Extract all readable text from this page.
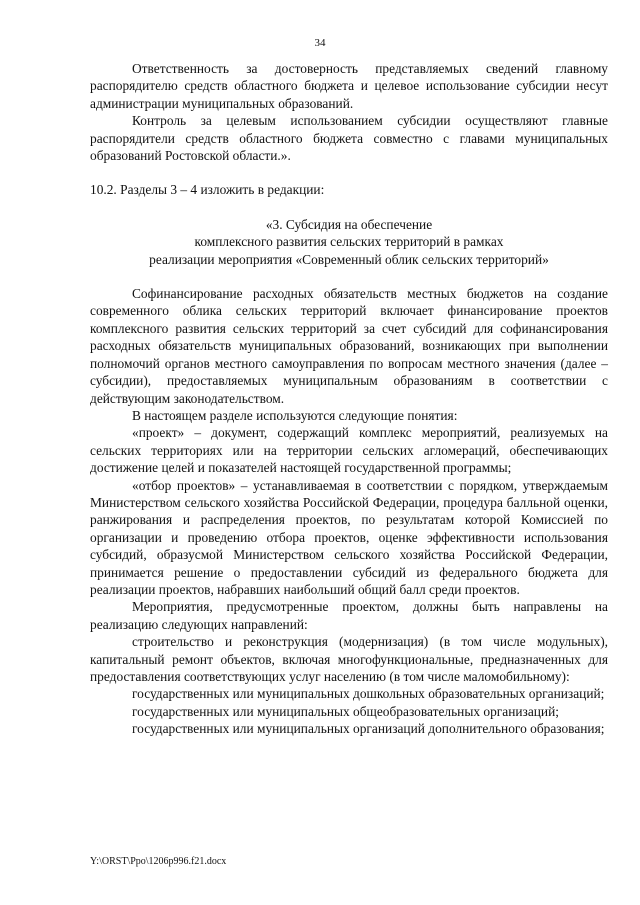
34

Ответственность за достоверность представляемых сведений главному распорядителю средств областного бюджета и целевое использование субсидии несут администрации муниципальных образований.

Контроль за целевым использованием субсидии осуществляют главные распорядители средств областного бюджета совместно с главами муниципальных образований Ростовской области.».

10.2. Разделы 3 – 4 изложить в редакции:

«3. Субсидия на обеспечение
комплексного развития сельских территорий в рамках
реализации мероприятия «Современный облик сельских территорий»

Софинансирование расходных обязательств местных бюджетов на создание современного облика сельских территорий включает финансирование проектов комплексного развития сельских территорий за счет субсидий для софинансирования расходных обязательств муниципальных образований, возникающих при выполнении полномочий органов местного самоуправления по вопросам местного значения (далее – субсидии), предоставляемых муниципальным образованиям в соответствии с действующим законодательством.

В настоящем разделе используются следующие понятия:

«проект» – документ, содержащий комплекс мероприятий, реализуемых на сельских территориях или на территории сельских агломераций, обеспечивающих достижение целей и показателей настоящей государственной программы;

«отбор проектов» – устанавливаемая в соответствии с порядком, утверждаемым Министерством сельского хозяйства Российской Федерации, процедура балльной оценки, ранжирования и распределения проектов, по результатам которой Комиссией по организации и проведению отбора проектов, оценке эффективности использования субсидий, образусмой Министерством сельского хозяйства Российской Федерации, принимается решение о предоставлении субсидий из федерального бюджета для реализации проектов, набравших наибольший общий балл среди проектов.

Мероприятия, предусмотренные проектом, должны быть направлены на реализацию следующих направлений:

строительство и реконструкция (модернизация) (в том числе модульных), капитальный ремонт объектов, включая многофункциональные, предназначенных для предоставления соответствующих услуг населению (в том числе маломобильному):

государственных или муниципальных дошкольных образовательных организаций;

государственных или муниципальных общеобразовательных организаций;

государственных или муниципальных организаций дополнительного образования;

Y:\ORST\Ppo\1206p996.f21.docx
